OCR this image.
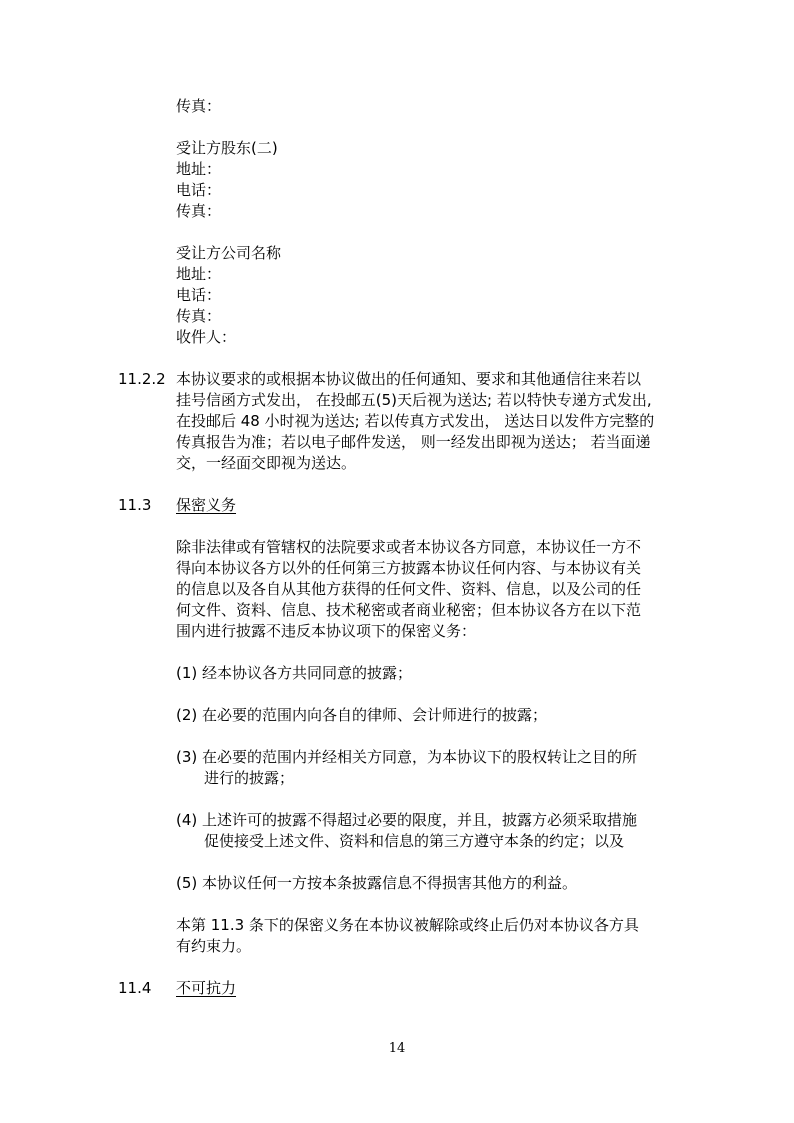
传真：
受让方股东(二)
地址：
电话：
传真：
受让方公司名称
地址：
电话：
传真：
收件人：
11.2.2 本协议要求的或根据本协议做出的任何通知、要求和其他通信往来若以
挂号信函方式发出， 在投邮五(5)天后视为送达; 若以特快专递方式发出,
在投邮后 48 小时视为送达; 若以传真方式发出， 送达日以发件方完整的
传真报告为准；若以电子邮件发送， 则一经发出即视为送达； 若当面递
交，一经面交即视为送达。
11.3 保密义务
除非法律或有管辖权的法院要求或者本协议各方同意，本协议任一方不
得向本协议各方以外的任何第三方披露本协议任何内容、与本协议有关
的信息以及各自从其他方获得的任何文件、资料、信息，以及公司的任
何文件、资料、信息、技术秘密或者商业秘密；但本协议各方在以下范
围内进行披露不违反本协议项下的保密义务：
(1) 经本协议各方共同同意的披露；
(2) 在必要的范围内向各自的律师、会计师进行的披露；
(3) 在必要的范围内并经相关方同意，为本协议下的股权转让之目的所
进行的披露；
(4) 上述许可的披露不得超过必要的限度，并且，披露方必须采取措施
促使接受上述文件、资料和信息的第三方遵守本条的约定；以及
(5) 本协议任何一方按本条披露信息不得损害其他方的利益。
本第 11.3 条下的保密义务在本协议被解除或终止后仍对本协议各方具
有约束力。
11.4 不可抗力
14
